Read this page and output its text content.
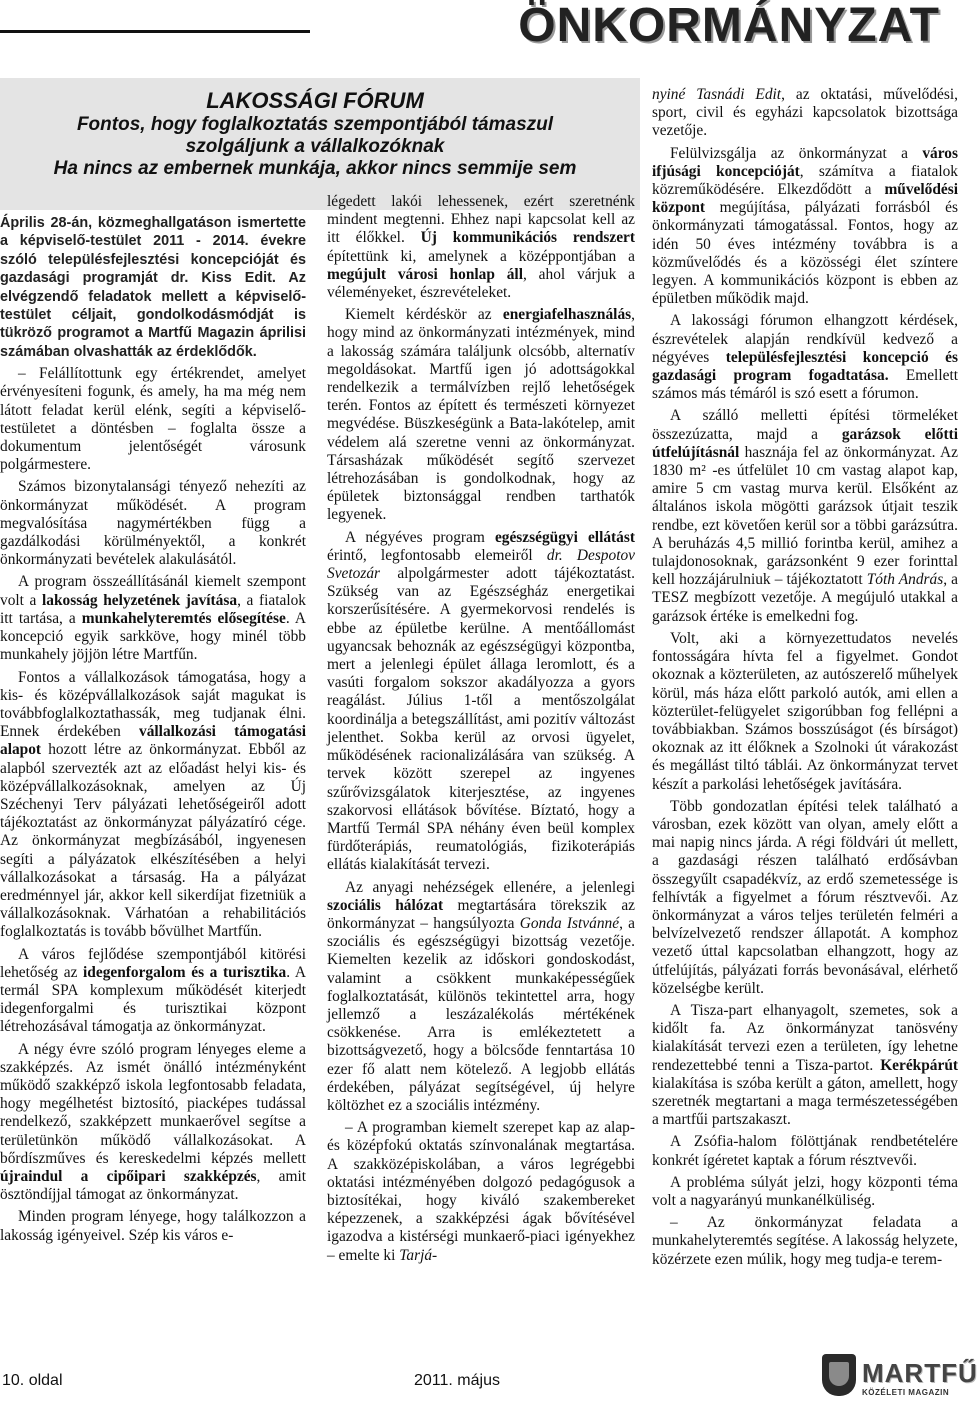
ÖNKORMÁNYZAT
LAKOSSÁGI FÓRUM
Fontos, hogy foglalkoztatás szempontjából támaszul
szolgáljunk a vállalkozóknak
Ha nincs az embernek munkája, akkor nincs semmije sem

Április 28-án, közmeghallgatáson ismertette a képviselő-testület 2011 - 2014. évekre szóló településfejlesztési koncepcióját és gazdasági programját dr. Kiss Edit. Az elvégzendő feladatok mellett a képviselő-testület céljait, gondolkodásmódját is tükröző programot a Martfű Magazin áprilisi számában olvashatták az érdeklődők.

– Felállítottunk egy értékrendet, amelyet érvényesíteni fogunk, és amely, ha ma még nem látott feladat kerül elénk, segíti a képviselő-testületet a döntésben – foglalta össze a dokumentum jelentőségét városunk polgármestere.

Számos bizonytalansági tényező nehezíti az önkormányzat működését. A program megvalósítása nagymértékben függ a gazdálkodási körülményektől, a konkrét önkormányzati bevételek alakulásától.

A program összeállításánál kiemelt szempont volt a lakosság helyzetének javítása, a fiatalok itt tartása, a munkahelyteremtés elősegítése. A koncepció egyik sarkköve, hogy minél több munkahely jöjjön létre Martfűn.

Fontos a vállalkozások támogatása, hogy a kis- és középvállalkozások saját magukat is továbbfoglalkoztathassák, meg tudjanak élni. Ennek érdekében vállalkozási támogatási alapot hozott létre az önkormányzat. Ebből az alapból szervezték azt az előadást helyi kis- és középvállalkozásoknak, amelyen az Új Széchenyi Terv pályázati lehetőségeiről adott tájékoztatást az önkormányzat pályázatíró cége. Az önkormányzat megbízásából, ingyenesen segíti a pályázatok elkészítésében a helyi vállalkozásokat a társaság. Ha a pályázat eredménnyel jár, akkor kell sikerdíjat fizetniük a vállalkozásoknak. Várhatóan a rehabilitációs foglalkoztatás is tovább bővülhet Martfűn.

A város fejlődése szempontjából kitörési lehetőség az idegenforgalom és a turisztika. A termál SPA komplexum működését kiterjedt idegenforgalmi és turisztikai központ létrehozásával támogatja az önkormányzat.

A négy évre szóló program lényeges eleme a szakképzés. Az ismét önálló intézményként működő szakképző iskola legfontosabb feladata, hogy megélhetést biztosító, piacképes tudással rendelkező, szakképzett munkaerővel segítse a területünkön működő vállalkozásokat. A bőrdíszműves és kereskedelmi képzés mellett újraindul a cipőipari szakképzés, amit ösztöndíjjal támogat az önkormányzat.

Minden program lényege, hogy találkozzon a lakosság igényeivel. Szép kis város e-

légedett lakói lehessenek, ezért szeretnénk mindent megtenni. Ehhez napi kapcsolat kell az itt élőkkel. Új kommunikációs rendszert építettünk ki, amelynek a középpontjában a megújult városi honlap áll, ahol várjuk a véleményeket, észrevételeket.

Kiemelt kérdéskör az energiafelhasználás, hogy mind az önkormányzati intézmények, mind a lakosság számára találjunk olcsóbb, alternatív megoldásokat. Martfű igen jó adottságokkal rendelkezik a termálvízben rejlő lehetőségek terén. Fontos az épített és természeti környezet megvédése. Büszkeségünk a Bata-lakótelep, amit védelem alá szeretne venni az önkormányzat. Társasházak működését segítő szervezet létrehozásában is gondolkodnak, hogy az épületek biztonsággal rendben tarthatók legyenek.

A négyéves program egészségügyi ellátást érintő, legfontosabb elemeiről dr. Despotov Svetozár alpolgármester adott tájékoztatást. Szükség van az Egészségház energetikai korszerűsítésére. A gyermekorvosi rendelés is ebbe az épületbe kerülne. A mentőállomást ugyancsak behoznák az egészségügyi központba, mert a jelenlegi épület állaga leromlott, és a vasúti forgalom sokszor akadályozza a gyors reagálást. Július 1-től a mentőszolgálat koordinálja a betegszállítást, ami pozitív változást jelenthet. Sokba kerül az orvosi ügyelet, működésének racionalizálására van szükség. A tervek között szerepel az ingyenes szűrővizsgálatok kiterjesztése, az ingyenes szakorvosi ellátások bővítése. Bíztató, hogy a Martfű Termál SPA néhány éven beül komplex fürdőterápiás, reumatológiás, fizikoterápiás ellátás kialakítását tervezi.

Az anyagi nehézségek ellenére, a jelenlegi szociális hálózat megtartására törekszik az önkormányzat – hangsúlyozta Gonda Istvánné, a szociális és egészségügyi bizottság vezetője. Kiemelten kezelik az időskori gondoskodást, valamint a csökkent munkaképességűek foglalkoztatását, különös tekintettel arra, hogy jellemző a leszázalékolás mértékének csökkenése. Arra is emlékeztetett a bizottságvezető, hogy a bölcsőde fenntartása 10 ezer fő alatt nem kötelező. A legjobb ellátás érdekében, pályázat segítségével, új helyre költözhet ez a szociális intézmény.

– A programban kiemelt szerepet kap az alap- és középfokú oktatás színvonalának megtartása. A szakközépiskolában, a város legrégebbi oktatási intézményében dolgozó pedagógusok a biztosítékai, hogy kiváló szakembereket képezzenek, a szakképzési ágak bővítésével igazodva a kistérségi munkaerő-piaci igényekhez – emelte ki Tarjá-

nyiné Tasnádi Edit, az oktatási, művelődési, sport, civil és egyházi kapcsolatok bizottsága vezetője.

Felülvizsgálja az önkormányzat a város ifjúsági koncepcióját, számítva a fiatalok közreműködésére. Elkezdődött a művelődési központ megújítása, pályázati forrásból és önkormányzati támogatással. Fontos, hogy az idén 50 éves intézmény továbbra is a közművelődés és a közösségi élet színtere legyen. A kommunikációs központ is ebben az épületben működik majd.

A lakossági fórumon elhangzott kérdések, észrevételek alapján rendkívül kedvező a négyéves településfejlesztési koncepció és gazdasági program fogadtatása. Emellett számos más témáról is szó esett a fórumon.

A szálló melletti építési törmeléket összezúzatta, majd a garázsok előtti útfelújításnál hasznája fel az önkormányzat. Az 1830 m² -es útfelület 10 cm vastag alapot kap, amire 5 cm vastag murva kerül. Elsőként az általános iskola mögötti garázsok útjait teszik rendbe, ezt követően kerül sor a többi garázsútra. A beruházás 4,5 millió forintba kerül, amihez a tulajdonosoknak, garázsonként 9 ezer forinttal kell hozzájárulniuk – tájékoztatott Tóth András, a TESZ megbízott vezetője. A megújuló utakkal a garázsok értéke is emelkedni fog.

Volt, aki a környezettudatos nevelés fontosságára hívta fel a figyelmet. Gondot okoznak a közterületen, az autószerelő műhelyek körül, más háza előtt parkoló autók, ami ellen a közterület-felügyelet szigorúbban fog fellépni a továbbiakban. Számos bosszúságot (és bírságot) okoznak az itt élőknek a Szolnoki út várakozást és megállást tiltó táblái. Az önkormányzat tervet készít a parkolási lehetőségek javítására.

Több gondozatlan építési telek található a városban, ezek között van olyan, amely előtt a mai napig nincs járda. A régi földvári út mellett, a gazdasági részen található erdősávban összegyűlt csapadékvíz, az erdő szemetessége is felhívták a figyelmet a fórum résztvevői. Az önkormányzat a város teljes területén felméri a belvízelvezető rendszer állapotát. A komphoz vezető úttal kapcsolatban elhangzott, hogy az útfelújítás, pályázati forrás bevonásával, elérhető közelségbe került.

A Tisza-part elhanyagolt, szemetes, sok a kidőlt fa. Az önkormányzat tanösvény kialakítását tervezi ezen a területen, így lehetne rendezettebbé tenni a Tisza-partot. Kerékpárút kialakítása is szóba került a gáton, amellett, hogy szeretnék megtartani a maga természetességében a martfűi partszakaszt.

A Zsófia-halom fölöttjának rendbetételére konkrét ígéretet kaptak a fórum résztvevői.

A probléma súlyát jelzi, hogy központi téma volt a nagyarányú munkanélküliség.

– Az önkormányzat feladata a munkahelyteremtés segítése. A lakosság helyzete, közérzete ezen múlik, hogy meg tudja-e terem-

10. oldal	2011. május	MARTFŰ
KÖZÉLETI MAGAZIN
